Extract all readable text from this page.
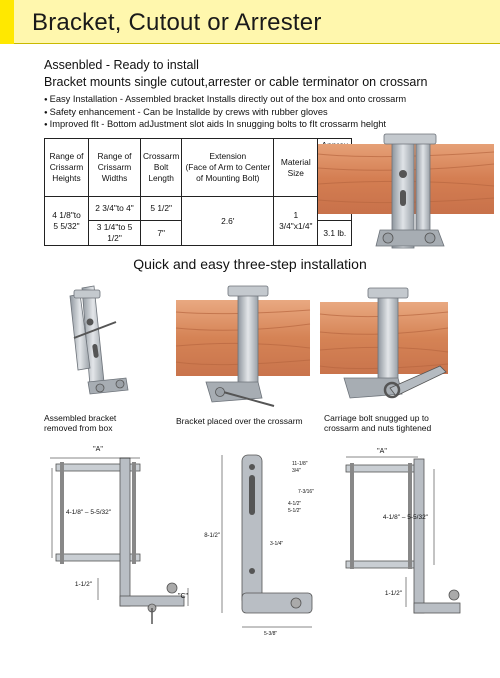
Bracket, Cutout or Arrester
Assenbled - Ready to install
Bracket mounts single cutout,arrester or cable terminator on crossarn
● Easy Installation - Assembled bracket Installs directly out of the box and onto crossarm
● Safety enhancement - Can be Installde by crews with rubber gloves
● Improved fIt - Bottom adJustment slot aids In snugging bolts to fIt crossarm helght
Range of
Crissarm
Heights	Range of
Crissarm
Widths	Crossarm
Bolt
Length	Extension
(Face of Arm to Center
of Mounting Bolt)	Material
Size	

4 1/8"to
5 5/32"	2 3/4"to 4"	5 1/2"	2.6'	1 3/4"x1/4"	
	3 1/4"to 5 1/2"	7"			3.1 lb.
Quick and easy three-step installation
Assembled bracket
removed from box
Bracket placed over the crossarm	Carriage bolt snugged up to
crossarm and nuts tightened
"A"
4-1/8" – 5-5/32"
1-1/2"
"C"
8-1/2"
11-1/8"
3/4"
7-3/16"
4-1/2"
5-1/2"
3-1/4"
5-3/8"
"A"
4-1/8" – 5-5/32"
1-1/2"
